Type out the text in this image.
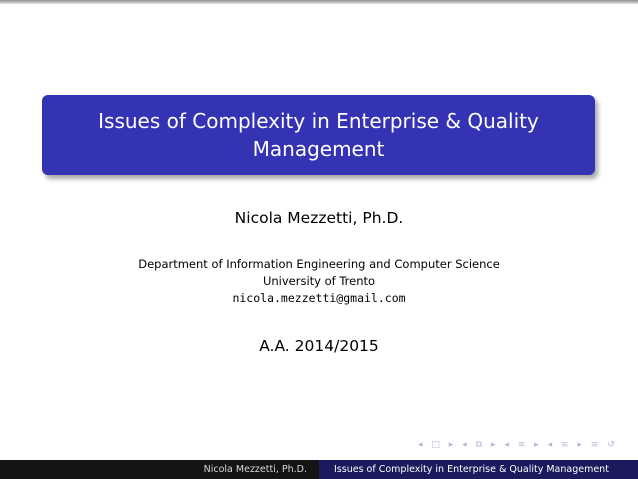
Issues of Complexity in Enterprise & Quality Management
Nicola Mezzetti, Ph.D.
Department of Information Engineering and Computer Science
University of Trento
nicola.mezzetti@gmail.com
A.A. 2014/2015
◂ □ ▸ ◂ ⧉ ▸ ◂ ≡ ▸ ◂ ≡ ▸ ≡ ↺
Nicola Mezzetti, Ph.D.	Issues of Complexity in Enterprise & Quality Management
